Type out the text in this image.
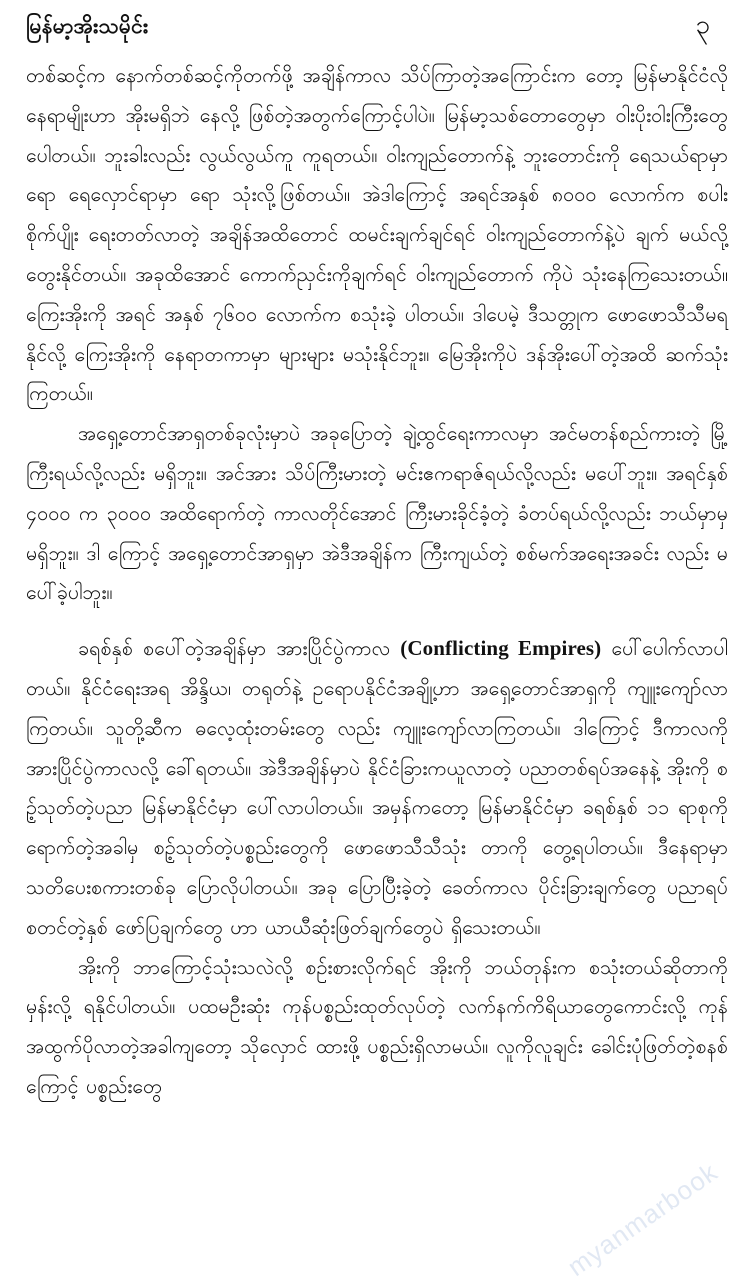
မြန်မာ့အိုးသမိုင်း	၃

တစ်ဆင့်က နောက်တစ်ဆင့်ကိုတက်ဖို့ အချိန်ကာလ သိပ်ကြာတဲ့အကြောင်းက တော့ မြန်မာနိုင်ငံလို နေရာမျိုးဟာ အိုးမရှိဘဲ နေလို့ ဖြစ်တဲ့အတွက်ကြောင့်ပါပဲ။ မြန်မာ့သစ်တောတွေမှာ ဝါးပိုးဝါးကြီးတွေ ပေါတယ်။ ဘူးခါးလည်း လွယ်လွယ်ကူ ကူရတယ်။ ဝါးကျည်တောက်နဲ့ ဘူးတောင်းကို ရေသယ်ရာမှာရော ရေလှောင်ရာမှာ ရော သုံးလို့ဖြစ်တယ်။ အဲဒါကြောင့် အရင်အနှစ် ၈၀၀၀ လောက်က စပါးစိုက်ပျိုး ရေးတတ်လာတဲ့ အချိန်အထိတောင် ထမင်းချက်ချင်ရင် ဝါးကျည်တောက်နဲ့ပဲ ချက် မယ်လို့ တွေးနိုင်တယ်။ အခုထိအောင် ကောက်ညှင်းကိုချက်ရင် ဝါးကျည်တောက် ကိုပဲ သုံးနေကြသေးတယ်။ ကြေးအိုးကို အရင် အနှစ် ၇၆၀၀ လောက်က စသုံးခဲ့ ပါတယ်။ ဒါပေမဲ့ ဒီသတ္တုက ဖောဖောသီသီမရနိုင်လို့ ကြေးအိုးကို နေရာတကာမှာ များများ မသုံးနိုင်ဘူး။ မြေအိုးကိုပဲ ဒန်အိုးပေါ်တဲ့အထိ ဆက်သုံးကြတယ်။

အရှေ့တောင်အာရှတစ်ခုလုံးမှာပဲ အခုပြောတဲ့ ချဲ့ထွင်ရေးကာလမှာ အင်မတန်စည်ကားတဲ့ မြို့ကြီးရယ်လို့လည်း မရှိဘူး။ အင်အား သိပ်ကြီးမားတဲ့ မင်းဧကရာဇ်ရယ်လို့လည်း မပေါ်ဘူး။ အရင်နှစ် ၄၀၀၀ က ၃၀၀၀ အထိရောက်တဲ့ ကာလတိုင်အောင် ကြီးမားခိုင်ခံ့တဲ့ ခံတပ်ရယ်လို့လည်း ဘယ်မှာမှ မရှိဘူး။ ဒါ ကြောင့် အရှေ့တောင်အာရှမှာ အဲဒီအချိန်က ကြီးကျယ်တဲ့ စစ်မက်အရေးအခင်း လည်း မပေါ်ခဲ့ပါဘူး။

ခရစ်နှစ် စပေါ်တဲ့အချိန်မှာ အားပြိုင်ပွဲကာလ (Conflicting Empires) ပေါ်ပေါက်လာပါတယ်။ နိုင်ငံရေးအရ အိန္ဒိယ၊ တရုတ်နဲ့ ဥရောပနိုင်ငံအချို့ဟာ အရှေ့တောင်အာရှကို ကျူးကျော်လာကြတယ်။ သူတို့ဆီက ဓလေ့ထုံးတမ်းတွေ လည်း ကျူးကျော်လာကြတယ်။ ဒါကြောင့် ဒီကာလကို အားပြိုင်ပွဲကာလလို့ ခေါ်ရတယ်။ အဲဒီအချိန်မှာပဲ နိုင်ငံခြားကယူလာတဲ့ ပညာတစ်ရပ်အနေနဲ့ အိုးကို စဥ့်သုတ်တဲ့ပညာ မြန်မာနိုင်ငံမှာ ပေါ်လာပါတယ်။ အမှန်ကတော့ မြန်မာနိုင်ငံမှာ ခရစ်နှစ် ၁၁ ရာစုကို ရောက်တဲ့အခါမှ စဥ့်သုတ်တဲ့ပစ္စည်းတွေကို ဖောဖောသီသီသုံး တာကို တွေ့ရပါတယ်။ ဒီနေရာမှာ သတိပေးစကားတစ်ခု ပြောလိုပါတယ်။ အခု ပြောပြီးခဲ့တဲ့ ခေတ်ကာလ ပိုင်းခြားချက်တွေ ပညာရပ်စတင်တဲ့နှစ် ဖော်ပြချက်တွေ ဟာ ယာယီဆုံးဖြတ်ချက်တွေပဲ ရှိသေးတယ်။

အိုးကို ဘာကြောင့်သုံးသလဲလို့ စဥ်းစားလိုက်ရင် အိုးကို ဘယ်တုန်းက စသုံးတယ်ဆိုတာကို မှန်းလို့ ရနိုင်ပါတယ်။ ပထမဦးဆုံး ကုန်ပစ္စည်းထုတ်လုပ်တဲ့ လက်နက်ကိရိယာတွေကောင်းလို့ ကုန်အထွက်ပိုလာတဲ့အခါကျတော့ သိုလှောင် ထားဖို့ ပစ္စည်းရှိလာမယ်။ လူကိုလူချင်း ခေါင်းပုံဖြတ်တဲ့စနစ်ကြောင့် ပစ္စည်းတွေ

myanmarbook
